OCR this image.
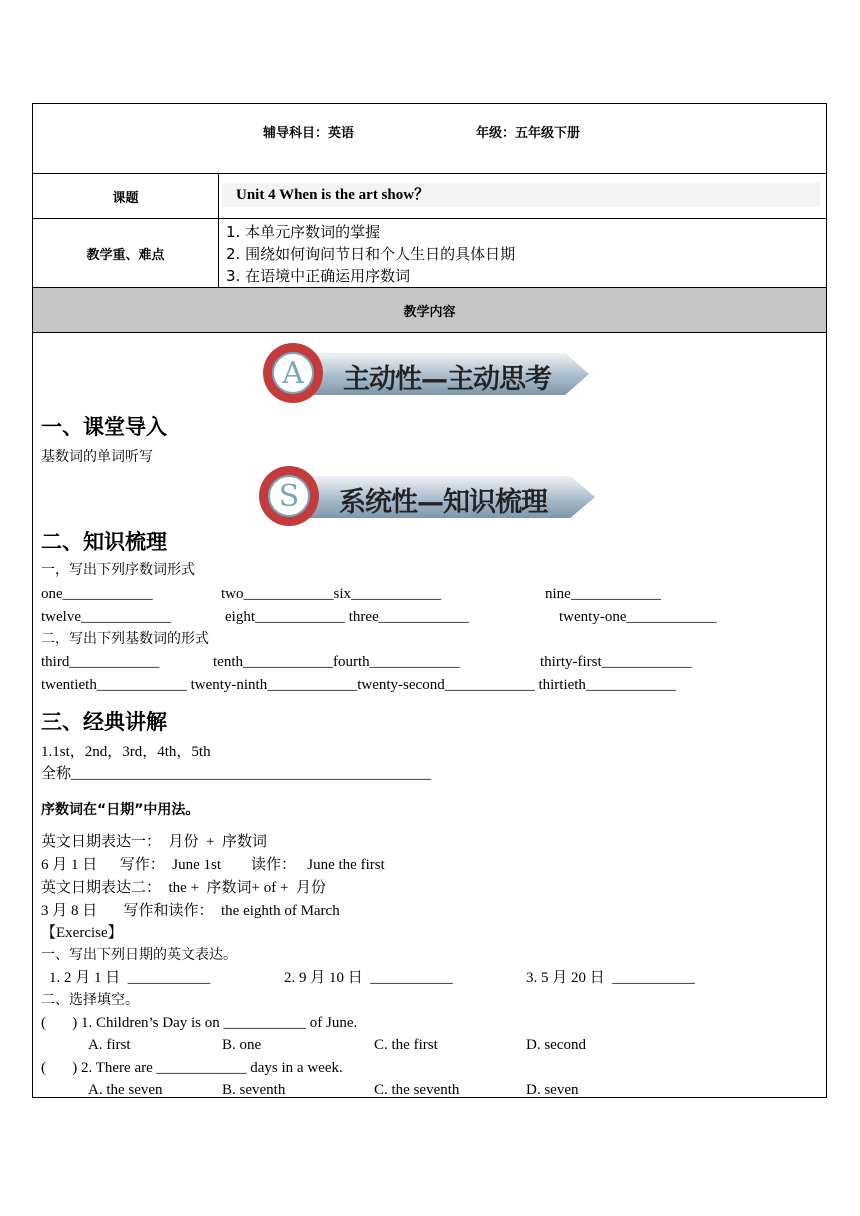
辅导科目：英语	年级：五年级下册
课题	Unit 4 When is the art show？
教学重、难点
1. 本单元序数词的掌握
2. 围绕如何询问节日和个人生日的具体日期
3. 在语境中正确运用序数词
教学内容
主动性—主动思考
A
一、课堂导入
基数词的单词听写
系统性—知识梳理
S
二、知识梳理
一，写出下列序数词形式
one____________	two____________six____________	nine____________
twelve____________	eight____________ three____________	twenty-one____________
二，写出下列基数词的形式
third____________	tenth____________fourth____________	thirty-first____________
twentieth____________ twenty-ninth____________twenty-second____________ thirtieth____________
三、经典讲解
1.1st，2nd，3rd，4th，5th
全称________________________________________________
序数词在“日期”中用法。
英文日期表达一：  月份  +  序数词
6 月 1 日      写作：  June 1st        读作：   June the first
英文日期表达二：  the +  序数词+ of +  月份
3 月 8 日       写作和读作：  the eighth of March
【Exercise】
一、写出下列日期的英文表达。
1. 2 月 1 日  ___________	2. 9 月 10 日  ___________	3. 5 月 20 日  ___________
二、选择填空。
(       ) 1. Children’s Day is on ___________ of June.
A. first	B. one	C. the first	D. second
(       ) 2. There are ____________ days in a week.
A. the seven	B. seventh	C. the seventh	D. seven
